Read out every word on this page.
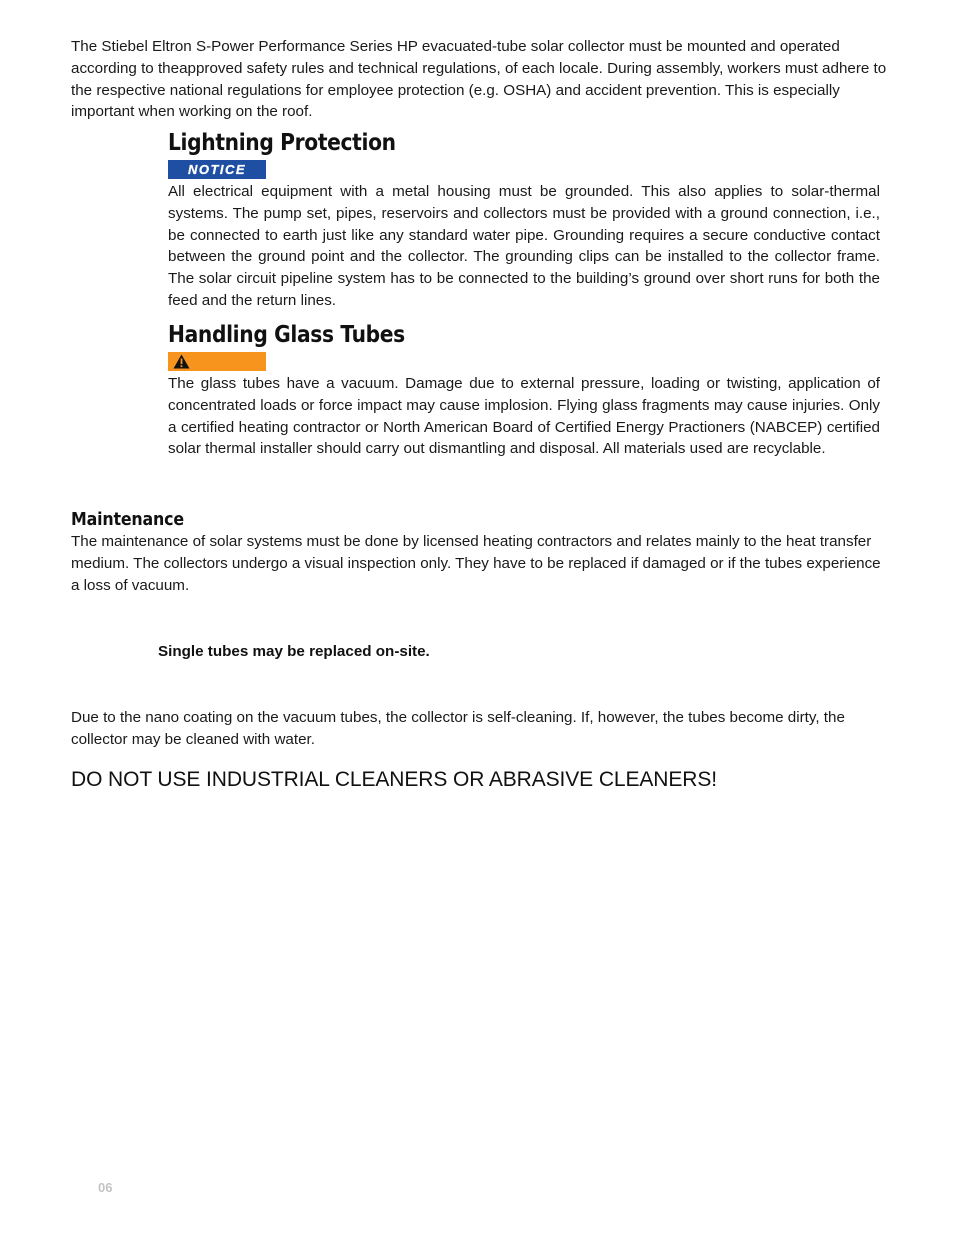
The Stiebel Eltron S-Power Performance Series HP evacuated-tube solar collector must be mounted and operated according to theapproved safety rules and technical regulations, of each locale. During assembly, workers must adhere to the respective national regulations for employee protection (e.g. OSHA) and accident prevention. This is especially important when working on the roof.

Lightning Protection
NOTICE

All electrical equipment with a metal housing must be grounded. This also applies to solar-thermal systems. The pump set, pipes, reservoirs and collectors must be provided with a ground connection, i.e., be connected to earth just like any standard water pipe. Grounding requires a secure conductive contact between the ground point and the collector. The grounding clips can be installed to the collector frame. The solar circuit pipeline system has to be connected to the building’s ground over short runs for both the feed and the return lines.

Handling Glass Tubes

The glass tubes have a vacuum. Damage due to external pressure, loading or twisting, application of concentrated loads or force impact may cause implosion. Flying glass fragments may cause injuries. Only a certified heating contractor or North American Board of Certified Energy Practioners (NABCEP) certified solar thermal installer should carry out dismantling and disposal. All materials used are recyclable.

Maintenance

The maintenance of solar systems must be done by licensed heating contractors and relates mainly to the heat transfer medium. The collectors undergo a visual inspection only. They have to be replaced if damaged or if the tubes experience a loss of vacuum.

Single tubes may be replaced on-site.

Due to the nano coating on the vacuum tubes, the collector is self-cleaning. If, however, the tubes become dirty, the collector may be cleaned with water.

DO NOT USE INDUSTRIAL CLEANERS OR ABRASIVE CLEANERS!

06
